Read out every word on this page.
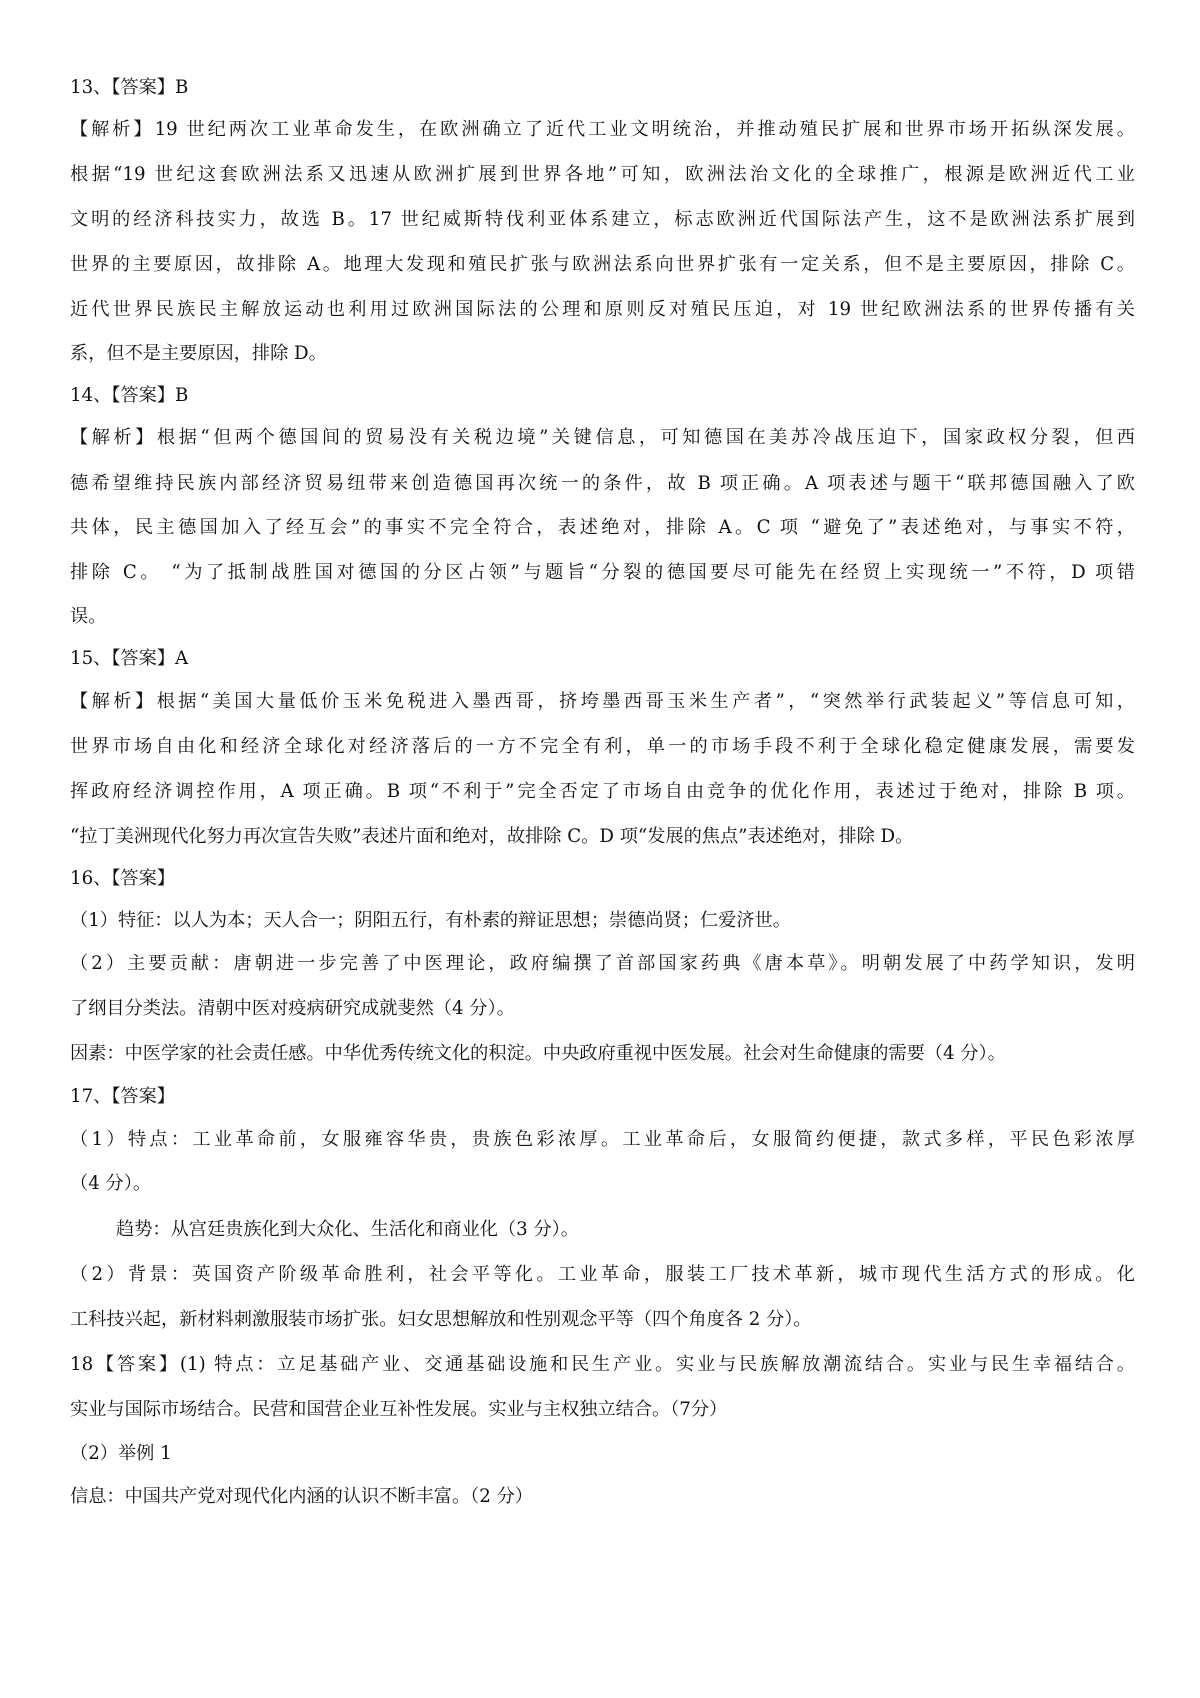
13、【答案】B
【解析】19 世纪两次工业革命发生，在欧洲确立了近代工业文明统治，并推动殖民扩展和世界市场开拓纵深发展。
根据“19 世纪这套欧洲法系又迅速从欧洲扩展到世界各地”可知，欧洲法治文化的全球推广，根源是欧洲近代工业
文明的经济科技实力，故选 B。17 世纪威斯特伐利亚体系建立，标志欧洲近代国际法产生，这不是欧洲法系扩展到
世界的主要原因，故排除 A。地理大发现和殖民扩张与欧洲法系向世界扩张有一定关系，但不是主要原因，排除 C。
近代世界民族民主解放运动也利用过欧洲国际法的公理和原则反对殖民压迫，对 19 世纪欧洲法系的世界传播有关
系，但不是主要原因，排除 D。
14、【答案】B
【解析】根据“但两个德国间的贸易没有关税边境”关键信息，可知德国在美苏冷战压迫下，国家政权分裂，但西
德希望维持民族内部经济贸易纽带来创造德国再次统一的条件，故 B 项正确。A 项表述与题干“联邦德国融入了欧
共体，民主德国加入了经互会”的事实不完全符合，表述绝对，排除 A。C 项 “避免了”表述绝对，与事实不符，
排除 C。 “为了抵制战胜国对德国的分区占领”与题旨“分裂的德国要尽可能先在经贸上实现统一”不符，D 项错
误。
15、【答案】A
【解析】根据“美国大量低价玉米免税进入墨西哥，挤垮墨西哥玉米生产者”，“突然举行武装起义”等信息可知，
世界市场自由化和经济全球化对经济落后的一方不完全有利，单一的市场手段不利于全球化稳定健康发展，需要发
挥政府经济调控作用，A 项正确。B 项“不利于”完全否定了市场自由竞争的优化作用，表述过于绝对，排除 B 项。
“拉丁美洲现代化努力再次宣告失败”表述片面和绝对，故排除 C。D 项“发展的焦点”表述绝对，排除 D。
16、【答案】
（1）特征：以人为本；天人合一；阴阳五行，有朴素的辩证思想；崇德尚贤；仁爱济世。
（2）主要贡献：唐朝进一步完善了中医理论，政府编撰了首部国家药典《唐本草》。明朝发展了中药学知识，发明
了纲目分类法。清朝中医对疫病研究成就斐然（4 分）。
因素：中医学家的社会责任感。中华优秀传统文化的积淀。中央政府重视中医发展。社会对生命健康的需要（4 分）。
17、【答案】
（1）特点：工业革命前，女服雍容华贵，贵族色彩浓厚。工业革命后，女服简约便捷，款式多样，平民色彩浓厚
（4 分）。
趋势：从宫廷贵族化到大众化、生活化和商业化（3 分）。
（2）背景：英国资产阶级革命胜利，社会平等化。工业革命，服装工厂技术革新，城市现代生活方式的形成。化
工科技兴起，新材料刺激服装市场扩张。妇女思想解放和性别观念平等（四个角度各 2 分）。
18【答案】(1) 特点：立足基础产业、交通基础设施和民生产业。实业与民族解放潮流结合。实业与民生幸福结合。
实业与国际市场结合。民营和国营企业互补性发展。实业与主权独立结合。（7分）
（2）举例 1
信息：中国共产党对现代化内涵的认识不断丰富。（2 分）
